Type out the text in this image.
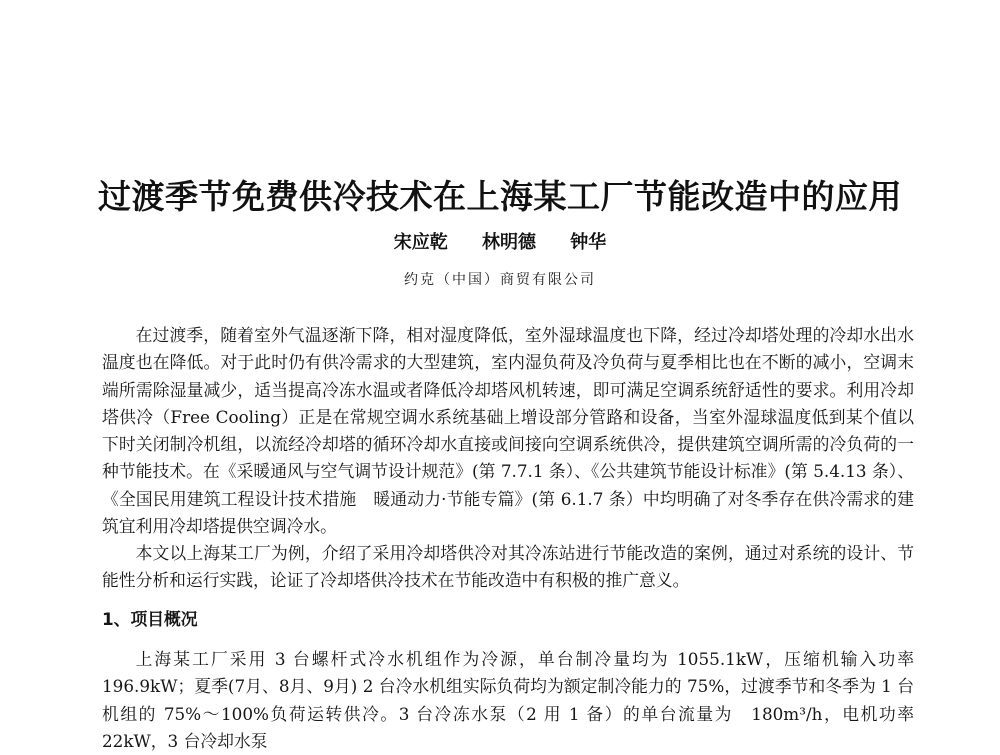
过渡季节免费供冷技术在上海某工厂节能改造中的应用
宋应乾 林明德 钟华
约克（中国）商贸有限公司

在过渡季，随着室外气温逐渐下降，相对湿度降低，室外湿球温度也下降，经过冷却塔处理的冷却水出水温度也在降低。对于此时仍有供冷需求的大型建筑，室内湿负荷及冷负荷与夏季相比也在不断的减小，空调末端所需除湿量减少，适当提高冷冻水温或者降低冷却塔风机转速，即可满足空调系统舒适性的要求。利用冷却塔供冷（Free Cooling）正是在常规空调水系统基础上增设部分管路和设备，当室外湿球温度低到某个值以下时关闭制冷机组，以流经冷却塔的循环冷却水直接或间接向空调系统供冷，提供建筑空调所需的冷负荷的一种节能技术。在《采暖通风与空气调节设计规范》(第 7.7.1 条）、《公共建筑节能设计标准》(第 5.4.13 条）、《全国民用建筑工程设计技术措施　暖通动力·节能专篇》(第 6.1.7 条）中均明确了对冬季存在供冷需求的建筑宜利用冷却塔提供空调冷水。

本文以上海某工厂为例，介绍了采用冷却塔供冷对其冷冻站进行节能改造的案例，通过对系统的设计、节能性分析和运行实践，论证了冷却塔供冷技术在节能改造中有积极的推广意义。

1、项目概况

上海某工厂采用 3 台螺杆式冷水机组作为冷源，单台制冷量均为 1055.1kW，压缩机输入功率 196.9kW；夏季(7月、8月、9月) 2 台冷水机组实际负荷均为额定制冷能力的 75%，过渡季节和冬季为 1 台机组的 75%～100%负荷运转供冷。3 台冷冻水泵（2 用 1 备）的单台流量为　180m³/h，电机功率　22kW，3 台冷却水泵
